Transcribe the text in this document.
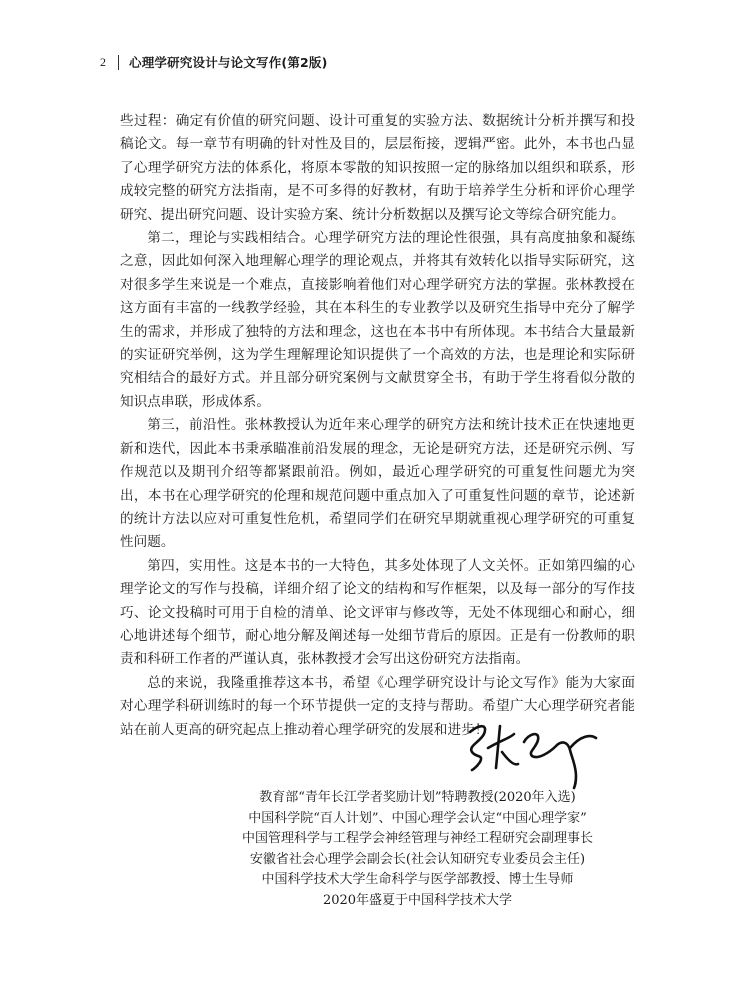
2	心理学研究设计与论文写作(第2版)

些过程：确定有价值的研究问题、设计可重复的实验方法、数据统计分析并撰写和投稿论文。每一章节有明确的针对性及目的，层层衔接，逻辑严密。此外，本书也凸显了心理学研究方法的体系化，将原本零散的知识按照一定的脉络加以组织和联系，形成较完整的研究方法指南，是不可多得的好教材，有助于培养学生分析和评价心理学研究、提出研究问题、设计实验方案、统计分析数据以及撰写论文等综合研究能力。

第二，理论与实践相结合。心理学研究方法的理论性很强，具有高度抽象和凝练之意，因此如何深入地理解心理学的理论观点，并将其有效转化以指导实际研究，这对很多学生来说是一个难点，直接影响着他们对心理学研究方法的掌握。张林教授在这方面有丰富的一线教学经验，其在本科生的专业教学以及研究生指导中充分了解学生的需求，并形成了独特的方法和理念，这也在本书中有所体现。本书结合大量最新的实证研究举例，这为学生理解理论知识提供了一个高效的方法，也是理论和实际研究相结合的最好方式。并且部分研究案例与文献贯穿全书，有助于学生将看似分散的知识点串联，形成体系。

第三，前沿性。张林教授认为近年来心理学的研究方法和统计技术正在快速地更新和迭代，因此本书秉承瞄准前沿发展的理念，无论是研究方法，还是研究示例、写作规范以及期刊介绍等都紧跟前沿。例如，最近心理学研究的可重复性问题尤为突出，本书在心理学研究的伦理和规范问题中重点加入了可重复性问题的章节，论述新的统计方法以应对可重复性危机，希望同学们在研究早期就重视心理学研究的可重复性问题。

第四，实用性。这是本书的一大特色，其多处体现了人文关怀。正如第四编的心理学论文的写作与投稿，详细介绍了论文的结构和写作框架，以及每一部分的写作技巧、论文投稿时可用于自检的清单、论文评审与修改等，无处不体现细心和耐心，细心地讲述每个细节，耐心地分解及阐述每一处细节背后的原因。正是有一份教师的职责和科研工作者的严谨认真，张林教授才会写出这份研究方法指南。

总的来说，我隆重推荐这本书，希望《心理学研究设计与论文写作》能为大家面对心理学科研训练时的每一个环节提供一定的支持与帮助。希望广大心理学研究者能站在前人更高的研究起点上推动着心理学研究的发展和进步！

教育部“青年长江学者奖励计划”特聘教授(2020年入选)
中国科学院“百人计划”、中国心理学会认定“中国心理学家”
中国管理科学与工程学会神经管理与神经工程研究会副理事长
安徽省社会心理学会副会长(社会认知研究专业委员会主任)
中国科学技术大学生命科学与医学部教授、博士生导师
2020年盛夏于中国科学技术大学
